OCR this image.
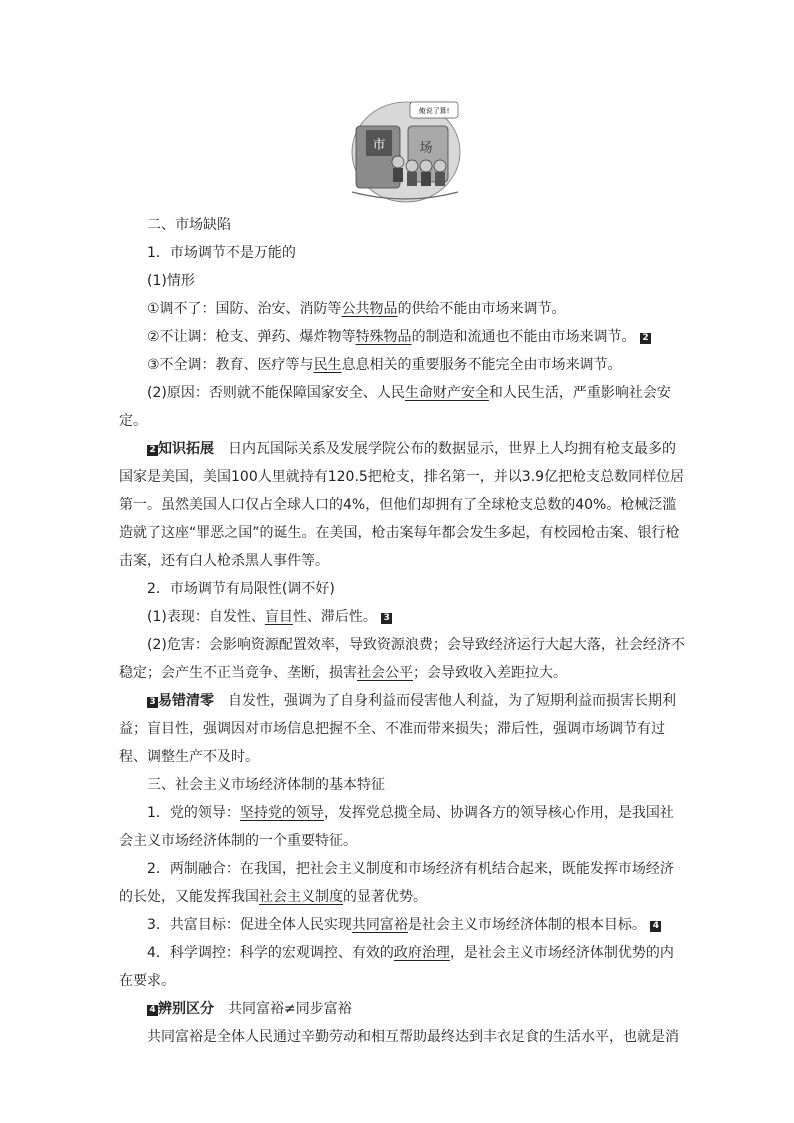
市	场
俺说了算!

二、市场缺陷

1．市场调节不是万能的

(1)情形

①调不了：国防、治安、消防等公共物品的供给不能由市场来调节。

②不让调：枪支、弹药、爆炸物等特殊物品的制造和流通也不能由市场来调节。 2

③不全调：教育、医疗等与民生息息相关的重要服务不能完全由市场来调节。

(2)原因：否则就不能保障国家安全、人民生命财产安全和人民生活，严重影响社会安定。

2 知识拓展　日内瓦国际关系及发展学院公布的数据显示，世界上人均拥有枪支最多的国家是美国，美国100人里就持有120.5把枪支，排名第一，并以3.9亿把枪支总数同样位居第一。虽然美国人口仅占全球人口的4%，但他们却拥有了全球枪支总数的40%。枪械泛滥造就了这座“罪恶之国”的诞生。在美国，枪击案每年都会发生多起，有校园枪击案、银行枪击案，还有白人枪杀黑人事件等。

2．市场调节有局限性(调不好)

(1)表现：自发性、盲目性、滞后性。 3

(2)危害：会影响资源配置效率，导致资源浪费；会导致经济运行大起大落，社会经济不稳定；会产生不正当竞争、垄断，损害社会公平；会导致收入差距拉大。

3 易错清零　自发性，强调为了自身利益而侵害他人利益，为了短期利益而损害长期利益；盲目性，强调因对市场信息把握不全、不准而带来损失；滞后性，强调市场调节有过程、调整生产不及时。

三、社会主义市场经济体制的基本特征

1．党的领导：坚持党的领导，发挥党总揽全局、协调各方的领导核心作用，是我国社会主义市场经济体制的一个重要特征。

2．两制融合：在我国，把社会主义制度和市场经济有机结合起来，既能发挥市场经济的长处，又能发挥我国社会主义制度的显著优势。

3．共富目标：促进全体人民实现共同富裕是社会主义市场经济体制的根本目标。 4

4．科学调控：科学的宏观调控、有效的政府治理，是社会主义市场经济体制优势的内在要求。

4 辨别区分　共同富裕≠同步富裕

共同富裕是全体人民通过辛勤劳动和相互帮助最终达到丰衣足食的生活水平，也就是消
